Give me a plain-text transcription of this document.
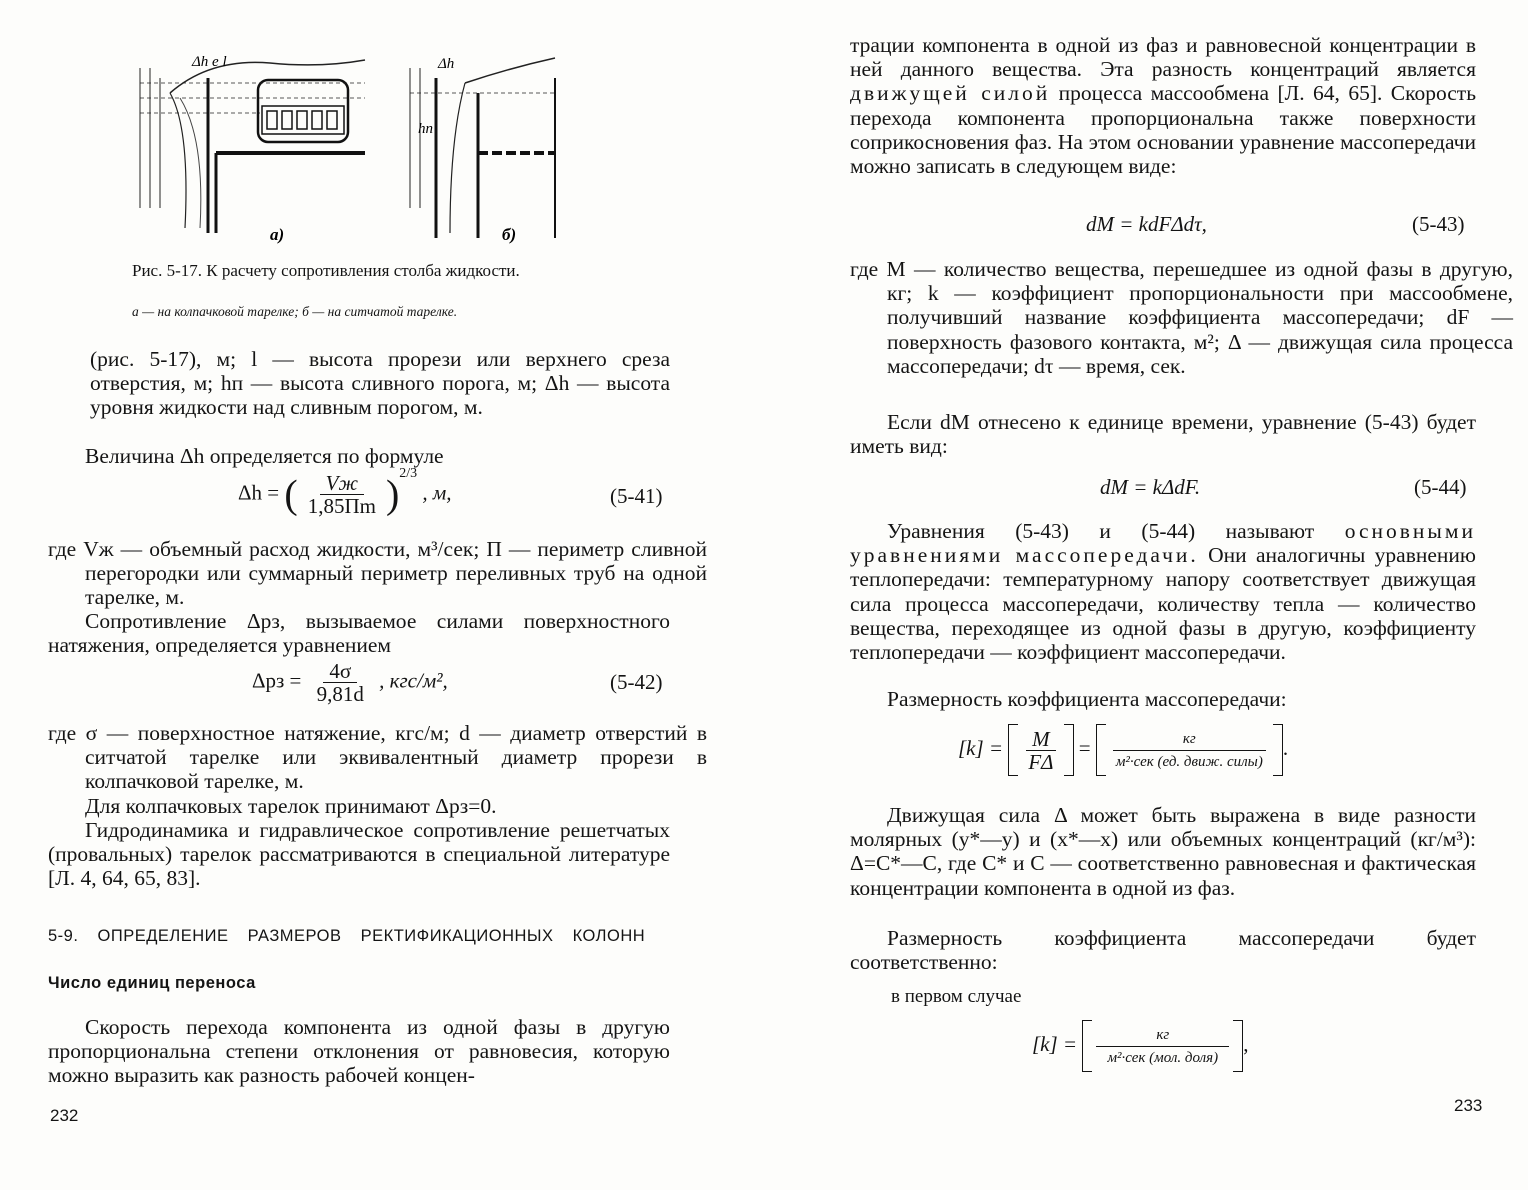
Δh e l
а)
Δh
hп
б)
Рис. 5-17. К расчету сопротивления столба жидкости.
а — на колпачковой тарелке; б — на ситчатой тарелке.
(рис. 5-17), м; l — высота прорези или верхнего среза отверстия, м; hп — высота сливного порога, м; Δh — высота уровня жидкости над сливным порогом, м.
Величина Δh определяется по формуле
Δh = ( $\frac{Vж}{1,85Пm} )^{2/3}$ , м,	(5-41)
где Vж — объемный расход жидкости, м³/сек; П — периметр сливной перегородки или суммарный периметр переливных труб на одной тарелке, м.
Сопротивление Δpз, вызываемое силами поверхностного натяжения, определяется уравнением
$\Delta pз = \frac{4\sigma}{9,81d}$ , кгс/м²,	(5-42)
где σ — поверхностное натяжение, кгс/м; d — диаметр отверстий в ситчатой тарелке или эквивалентный диаметр прорези в колпачковой тарелке, м.
Для колпачковых тарелок принимают Δpз=0.
Гидродинамика и гидравлическое сопротивление решетчатых (провальных) тарелок рассматриваются в специальной литературе [Л. 4, 64, 65, 83].
5-9. ОПРЕДЕЛЕНИЕ РАЗМЕРОВ РЕКТИФИКАЦИОННЫХ КОЛОНН
Число единиц переноса
Скорость перехода компонента из одной фазы в другую пропорциональна степени отклонения от равновесия, которую можно выразить как разность рабочей концен-
232
трации компонента в одной из фаз и равновесной концентрации в ней данного вещества. Эта разность концентраций является движущей силой процесса массообмена [Л. 64, 65]. Скорость перехода компонента пропорциональна также поверхности соприкосновения фаз. На этом основании уравнение массопередачи можно записать в следующем виде:
dM = kdFΔdτ,	(5-43)
где M — количество вещества, перешедшее из одной фазы в другую, кг; k — коэффициент пропорциональности при массообмене, получивший название коэффициента массопередачи; dF — поверхность фазового контакта, м²; Δ — движущая сила процесса массопередачи; dτ — время, сек.
Если dM отнесено к единице времени, уравнение (5-43) будет иметь вид:
dM = kΔdF.	(5-44)
Уравнения (5-43) и (5-44) называют основными уравнениями массопередачи. Они аналогичны уравнению теплопередачи: температурному напору соответствует движущая сила процесса массопередачи, количеству тепла — количество вещества, переходящее из одной фазы в другую, коэффициенту теплопередачи — коэффициент массопередачи.
Размерность коэффициента массопередачи:
$[k] = \frac{M}{F\Delta} = \frac{кг}{\text{м²·сек (ед. движ. силы)}}$ .
Движущая сила Δ может быть выражена в виде разности молярных (y*—y) и (x*—x) или объемных концентраций (кг/м³): Δ=C*—C, где C* и C — соответственно равновесная и фактическая концентрации компонента в одной из фаз.
Размерность коэффициента массопередачи будет соответственно:
в первом случае
$[k] = \frac{кг}{\text{м²·сек (мол. доля)}}$ ,
233
